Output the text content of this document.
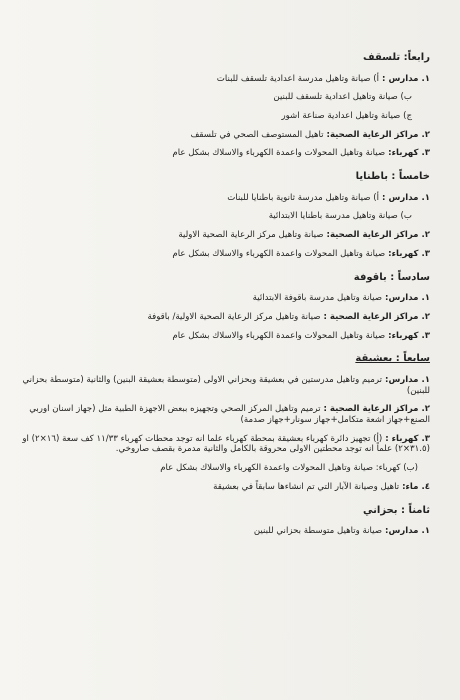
رابعاً: تلسقف
١. مدارس : أ) صيانة وتاهيل مدرسة اعدادية تلسقف للبنات
ب) صيانة وتاهيل اعدادية تلسقف للبنين
ج) صيانة وتاهيل اعدادية صناعة اشور
٢. مراكز الرعاية الصحية: تاهيل المستوصف الصحي في تلسقف
٣. كهرباء: صيانة وتاهيل المحولات واعمدة الكهرباء والاسلاك بشكل عام
خامساً : باطنايا
١. مدارس : أ) صيانة وتاهيل مدرسة ثانوية باطنايا للبنات
ب) صيانة وتاهيل مدرسة باطنايا الابتدائية
٢. مراكز الرعاية الصحية: صيانة وتاهيل مركز الرعاية الصحية الاولية
٣. كهرباء: صيانة وتاهيل المحولات واعمدة الكهرباء والاسلاك بشكل عام
سادساً : باقوفة
١. مدارس: صيانة وتاهيل مدرسة باقوفة الابتدائية
٢. مراكز الرعاية الصحية : صيانة وتاهيل مركز الرعاية الصحية الاولية/ باقوفة
٣. كهرباء: صيانة وتاهيل المحولات واعمدة الكهرباء والاسلاك بشكل عام
سابعاً : بعشيقة
١. مدارس: ترميم وتاهيل مدرستين في بعشيقة وبحزاني الاولى (متوسطة بعشيقة البنين) والثانية (متوسطة بحزاني للبنين)
٢. مراكز الرعاية الصحية : ترميم وتاهيل المركز الصحي وتجهيزه ببعض الاجهزة الطبية مثل (جهاز اسنان اوربي الصنع+جهاز اشعة متكامل+جهاز سونار+جهاز صدمة)
٣. كهرباء : (أ) تجهيز دائرة كهرباء بعشيقة بمحطة كهرباء علما انه توجد محطات كهرباء ١١/٣٣ كف سعة (١٦×٢) او (٣١.٥×٢) علماً انه توجد محطتين الاولى محروقة بالكامل والثانية مدمرة بقصف صاروخي.
(ب) كهرباء: صيانة وتاهيل المحولات واعمدة الكهرباء والاسلاك بشكل عام
٤. ماء: تاهيل وصيانة الآبار التي تم انشاءها سابقاً في بعشيقة
ثامناً : بحزاني
١. مدارس: صيانة وتاهيل متوسطة بحزاني للبنين
